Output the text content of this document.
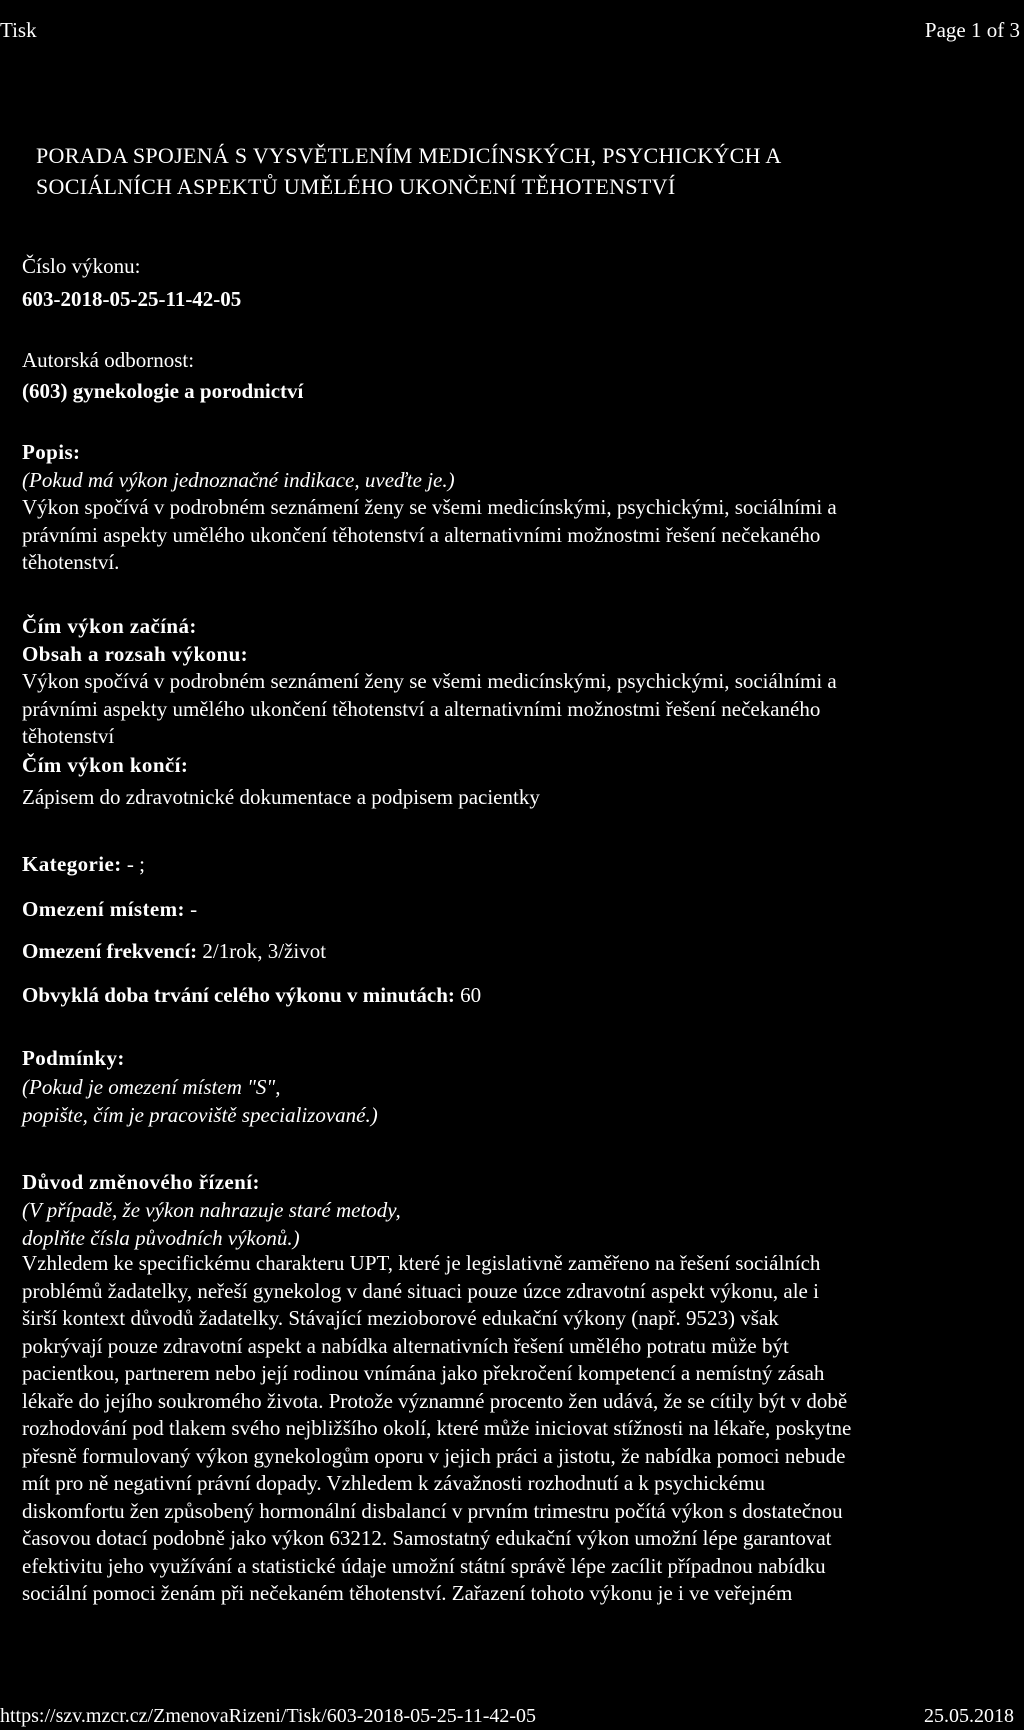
Tisk	Page 1 of 3

PORADA SPOJENÁ S VYSVĚTLENÍM MEDICÍNSKÝCH, PSYCHICKÝCH A

SOCIÁLNÍCH ASPEKTŮ UMĚLÉHO UKONČENÍ TĚHOTENSTVÍ

Číslo výkonu:
603-2018-05-25-11-42-05
Autorská odbornost:
(603) gynekologie a porodnictví
Popis:
(Pokud má výkon jednoznačné indikace, uveďte je.)

Výkon spočívá v podrobném seznámení ženy se všemi medicínskými, psychickými, sociálními a

právními aspekty umělého ukončení těhotenství a alternativními možnostmi řešení nečekaného

těhotenství.

Čím výkon začíná:
Obsah a rozsah výkonu:

Výkon spočívá v podrobném seznámení ženy se všemi medicínskými, psychickými, sociálními a

právními aspekty umělého ukončení těhotenství a alternativními možnostmi řešení nečekaného

těhotenství

Čím výkon končí:
Zápisem do zdravotnické dokumentace a podpisem pacientky
Kategorie: - ;
Omezení místem: -
Omezení frekvencí: 2/1rok, 3/život
Obvyklá doba trvání celého výkonu v minutách: 60
Podmínky:

(Pokud je omezení místem "S",

popište, čím je pracoviště specializované.)

Důvod změnového řízení:

(V případě, že výkon nahrazuje staré metody,

doplňte čísla původních výkonů.)

Vzhledem ke specifickému charakteru UPT, které je legislativně zaměřeno na řešení sociálních

problémů žadatelky, neřeší gynekolog v dané situaci pouze úzce zdravotní aspekt výkonu, ale i

širší kontext důvodů žadatelky. Stávající mezioborové edukační výkony (např. 9523) však

pokrývají pouze zdravotní aspekt a nabídka alternativních řešení umělého potratu může být

pacientkou, partnerem nebo její rodinou vnímána jako překročení kompetencí a nemístný zásah

lékaře do jejího soukromého života. Protože významné procento žen udává, že se cítily být v době

rozhodování pod tlakem svého nejbližšího okolí, které může iniciovat stížnosti na lékaře, poskytne

přesně formulovaný výkon gynekologům oporu v jejich práci a jistotu, že nabídka pomoci nebude

mít pro ně negativní právní dopady. Vzhledem k závažnosti rozhodnutí a k psychickému

diskomfortu žen způsobený hormonální disbalancí v prvním trimestru počítá výkon s dostatečnou

časovou dotací podobně jako výkon 63212. Samostatný edukační výkon umožní lépe garantovat

efektivitu jeho využívání a statistické údaje umožní státní správě lépe zacílit případnou nabídku

sociální pomoci ženám při nečekaném těhotenství. Zařazení tohoto výkonu je i ve veřejném

https://szv.mzcr.cz/ZmenovaRizeni/Tisk/603-2018-05-25-11-42-05	25.05.2018
